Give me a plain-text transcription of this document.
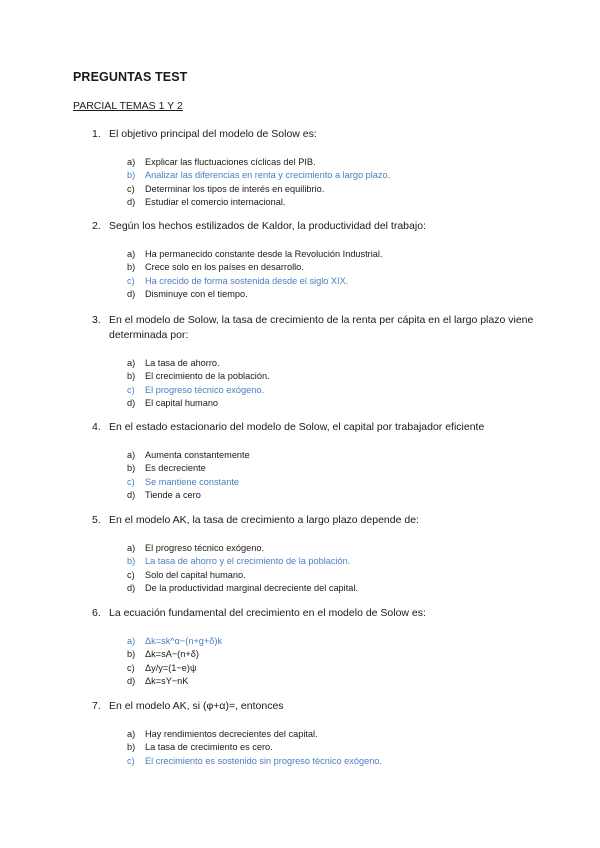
PREGUNTAS TEST
PARCIAL TEMAS 1 Y 2
1. El objetivo principal del modelo de Solow es:
a)	Explicar las fluctuaciones cíclicas del PIB.
b)	Analizar las diferencias en renta y crecimiento a largo plazo.
c)	Determinar los tipos de interés en equilibrio.
d)	Estudiar el comercio internacional.
2. Según los hechos estilizados de Kaldor, la productividad del trabajo:
a)	Ha permanecido constante desde la Revolución Industrial.
b)	Crece solo en los países en desarrollo.
c)	Ha crecido de forma sostenida desde el siglo XIX.
d)	Disminuye con el tiempo.
3. En el modelo de Solow, la tasa de crecimiento de la renta per cápita en el largo plazo viene determinada por:
a)	La tasa de ahorro.
b)	El crecimiento de la población.
c)	El progreso técnico exógeno.
d)	El capital humano
4. En el estado estacionario del modelo de Solow, el capital por trabajador eficiente
a)	Aumenta constantemente
b)	Es decreciente
c)	Se mantiene constante
d)	Tiende a cero
5. En el modelo AK, la tasa de crecimiento a largo plazo depende de:
a)	El progreso técnico exógeno.
b)	La tasa de ahorro y el crecimiento de la población.
c)	Solo del capital humano.
d)	De la productividad marginal decreciente del capital.
6. La ecuación fundamental del crecimiento en el modelo de Solow es:
a)	Δk=sk^α−(n+g+δ)k
b)	Δk=sA−(n+δ)
c)	Δy/y=(1−e)ψ
d)	Δk=sY−nK
7. En el modelo AK, si (φ+α)=, entonces
a)	Hay rendimientos decrecientes del capital.
b)	La tasa de crecimiento es cero.
c)	El crecimiento es sostenido sin progreso técnico exógeno.
